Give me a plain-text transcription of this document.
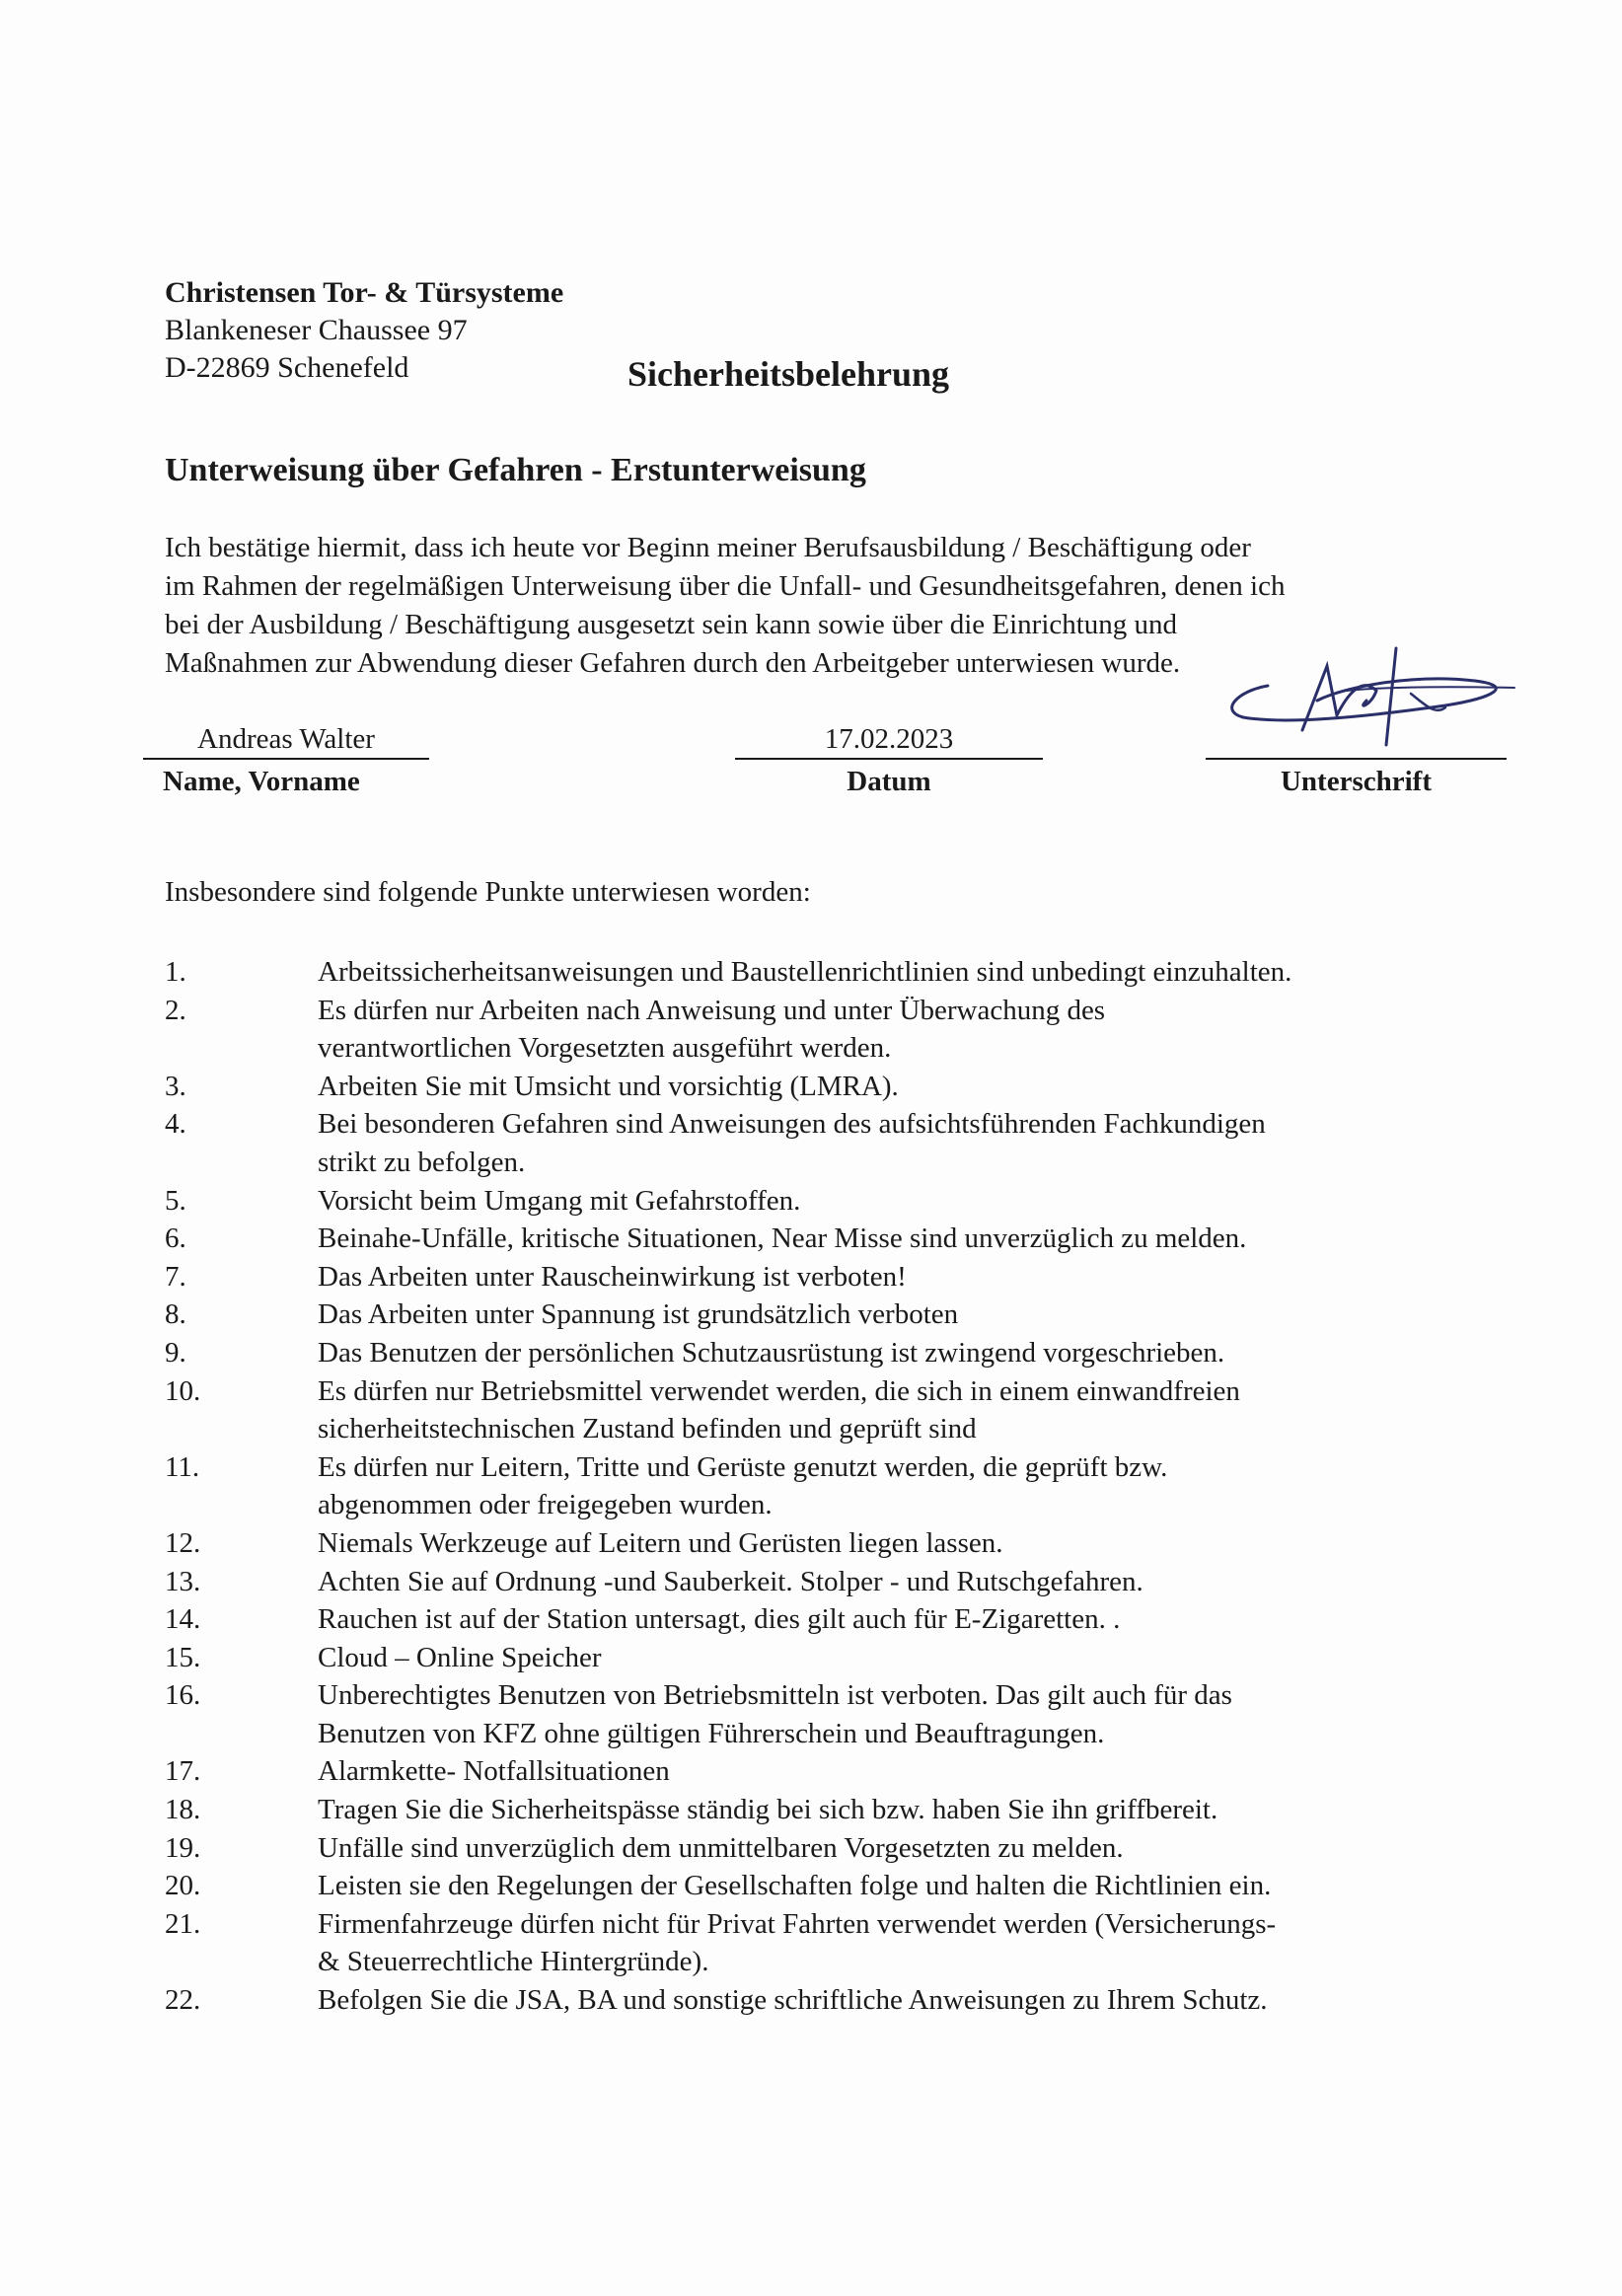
Christensen Tor- & Türsysteme
Blankeneser Chaussee 97
D-22869 Schenefeld	Sicherheitsbelehrung
Unterweisung über Gefahren - Erstunterweisung

Ich bestätige hiermit, dass ich heute vor Beginn meiner Berufsausbildung / Beschäftigung oder

im Rahmen der regelmäßigen Unterweisung über die Unfall- und Gesundheitsgefahren, denen ich

bei der Ausbildung / Beschäftigung ausgesetzt sein kann sowie über die Einrichtung und

Maßnahmen zur Abwendung dieser Gefahren durch den Arbeitgeber unterwiesen wurde.

Andreas Walter
Name, Vorname
17.02.2023
Datum	Unterschrift
Insbesondere sind folgende Punkte unterwiesen worden:
1.	Arbeitssicherheitsanweisungen und Baustellenrichtlinien sind unbedingt einzuhalten.
2.	Es dürfen nur Arbeiten nach Anweisung und unter Überwachung des
verantwortlichen Vorgesetzten ausgeführt werden.
3.	Arbeiten Sie mit Umsicht und vorsichtig (LMRA).
4.	Bei besonderen Gefahren sind Anweisungen des aufsichtsführenden Fachkundigen
strikt zu befolgen.
5.	Vorsicht beim Umgang mit Gefahrstoffen.
6.	Beinahe-Unfälle, kritische Situationen, Near Misse sind unverzüglich zu melden.
7.	Das Arbeiten unter Rauscheinwirkung ist verboten!
8.	Das Arbeiten unter Spannung ist grundsätzlich verboten
9.	Das Benutzen der persönlichen Schutzausrüstung ist zwingend vorgeschrieben.
10.	Es dürfen nur Betriebsmittel verwendet werden, die sich in einem einwandfreien
sicherheitstechnischen Zustand befinden und geprüft sind
11.	Es dürfen nur Leitern, Tritte und Gerüste genutzt werden, die geprüft bzw.
abgenommen oder freigegeben wurden.
12.	Niemals Werkzeuge auf Leitern und Gerüsten liegen lassen.
13.	Achten Sie auf Ordnung -und Sauberkeit. Stolper - und Rutschgefahren.
14.	Rauchen ist auf der Station untersagt, dies gilt auch für E-Zigaretten. .
15.	Cloud – Online Speicher
16.	Unberechtigtes Benutzen von Betriebsmitteln ist verboten. Das gilt auch für das
Benutzen von KFZ ohne gültigen Führerschein und Beauftragungen.
17.	Alarmkette- Notfallsituationen
18.	Tragen Sie die Sicherheitspässe ständig bei sich bzw. haben Sie ihn griffbereit.
19.	Unfälle sind unverzüglich dem unmittelbaren Vorgesetzten zu melden.
20.	Leisten sie den Regelungen der Gesellschaften folge und halten die Richtlinien ein.
21.	Firmenfahrzeuge dürfen nicht für Privat Fahrten verwendet werden (Versicherungs-
& Steuerrechtliche Hintergründe).
22.	Befolgen Sie die JSA, BA und sonstige schriftliche Anweisungen zu Ihrem Schutz.
